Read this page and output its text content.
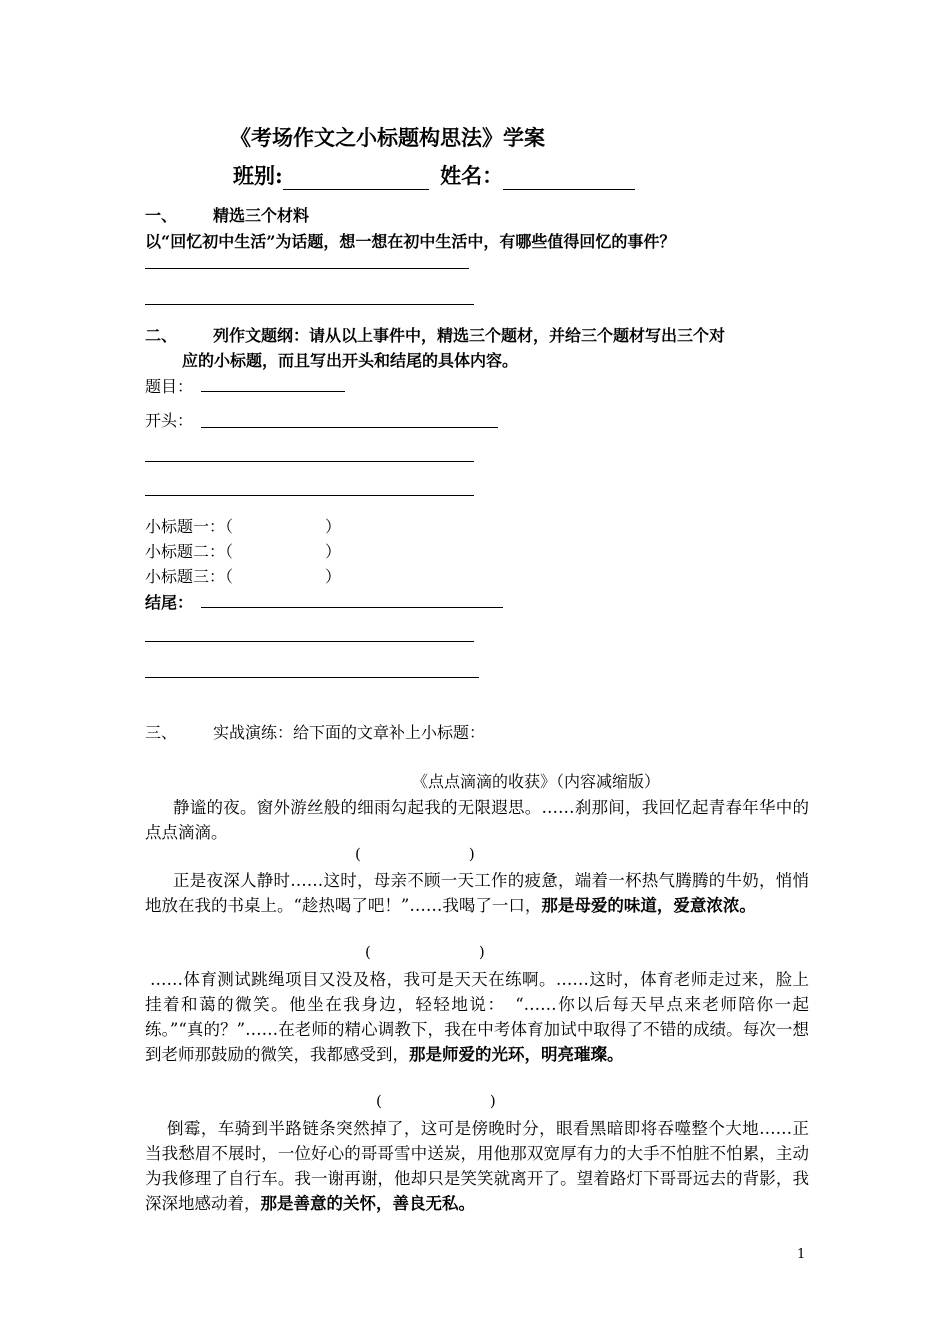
《考场作文之小标题构思法》学案
班别:	姓名：
一、 精选三个材料
以“回忆初中生活”为话题，想一想在初中生活中，有哪些值得回忆的事件？
二、 列作文题纲：请从以上事件中，精选三个题材，并给三个题材写出三个对
应的小标题，而且写出开头和结尾的具体内容。
题目：
开头：
小标题一：（	）
小标题二：（	）
小标题三：（	）
结尾：
三、 实战演练：给下面的文章补上小标题：
《点点滴滴的收获》（内容减缩版）
静谧的夜。窗外游丝般的细雨勾起我的无限遐思。……刹那间，我回忆起青春年华中的点点滴滴。
(	)
正是夜深人静时……这时，母亲不顾一天工作的疲惫，端着一杯热气腾腾的牛奶，悄悄地放在我的书桌上。“趁热喝了吧！”……我喝了一口，那是母爱的味道，爱意浓浓。
(	)
……体育测试跳绳项目又没及格，我可是天天在练啊。……这时，体育老师走过来，脸上挂着和蔼的微笑。他坐在我身边，轻轻地说：　“……你以后每天早点来老师陪你一起练。”“真的？”……在老师的精心调教下，我在中考体育加试中取得了不错的成绩。每次一想到老师那鼓励的微笑，我都感受到，那是师爱的光环，明亮璀璨。
(	)
倒霉，车骑到半路链条突然掉了，这可是傍晚时分，眼看黑暗即将吞噬整个大地……正当我愁眉不展时，一位好心的哥哥雪中送炭，用他那双宽厚有力的大手不怕脏不怕累，主动为我修理了自行车。我一谢再谢，他却只是笑笑就离开了。望着路灯下哥哥远去的背影，我深深地感动着，那是善意的关怀，善良无私。
1
